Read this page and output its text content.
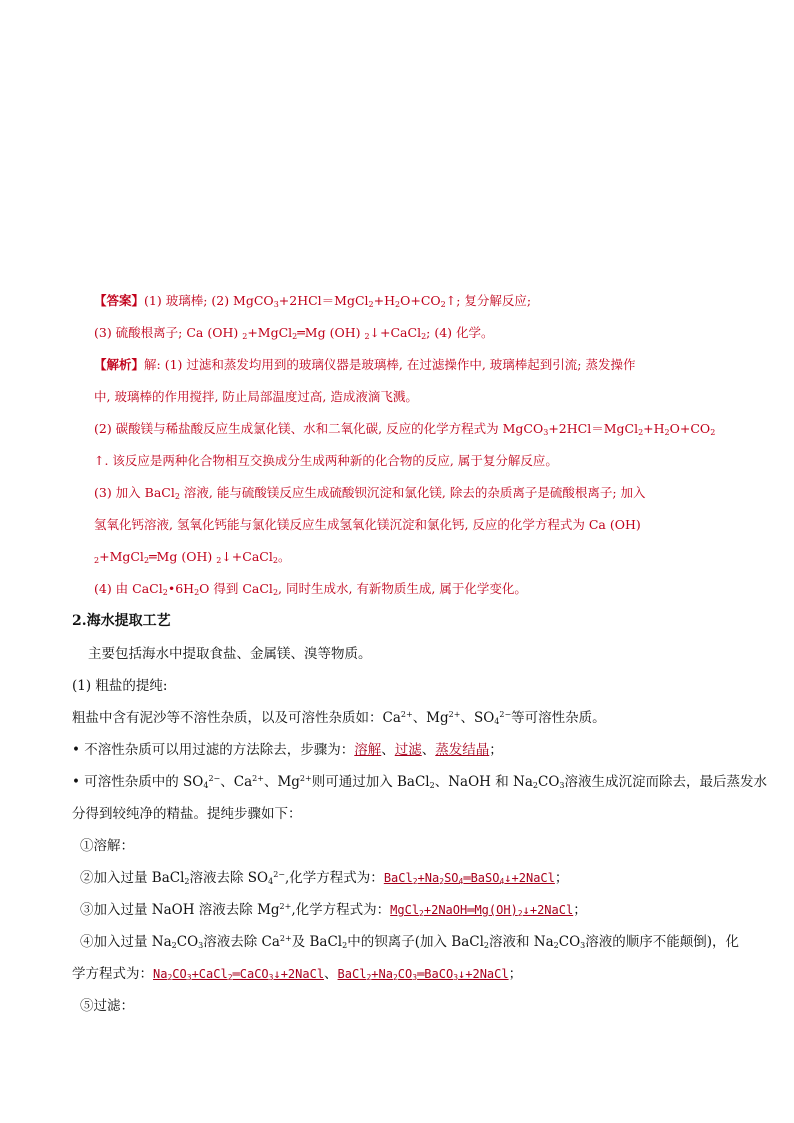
【答案】(1) 玻璃棒; (2) $MgCO_3+2HCl=MgCl_2+H_2O+CO_2↑$; 复分解反应;
(3) 硫酸根离子; Ca (OH) $_2$+MgCl$_2$═Mg (OH) $_2$↓+CaCl$_2$; (4) 化学。
【解析】解: (1) 过滤和蒸发均用到的玻璃仪器是玻璃棒, 在过滤操作中, 玻璃棒起到引流; 蒸发操作
中, 玻璃棒的作用搅拌, 防止局部温度过高, 造成液滴飞溅。
(2) 碳酸镁与稀盐酸反应生成氯化镁、水和二氧化碳, 反应的化学方程式为 $MgCO_3+2HCl=MgCl_2+H_2O+CO_2$
↑. 该反应是两种化合物相互交换成分生成两种新的化合物的反应, 属于复分解反应。
(3) 加入 BaCl$_2$ 溶液, 能与硫酸镁反应生成硫酸钡沉淀和氯化镁, 除去的杂质离子是硫酸根离子; 加入
氢氧化钙溶液, 氢氧化钙能与氯化镁反应生成氢氧化镁沉淀和氯化钙, 反应的化学方程式为 Ca (OH)
$_2$+MgCl$_2$═Mg (OH) $_2$↓+CaCl$_2$。
(4) 由 $CaCl_2•6H_2O$ 得到 CaCl$_2$, 同时生成水, 有新物质生成, 属于化学变化。
2.海水提取工艺
主要包括海水中提取食盐、金属镁、溴等物质。
(1) 粗盐的提纯:
粗盐中含有泥沙等不溶性杂质，以及可溶性杂质如：$Ca^{2+}$、$Mg^{2+}$、$SO_4^{2-}$等可溶性杂质。
• 不溶性杂质可以用过滤的方法除去，步骤为：溶解、过滤、蒸发结晶；
• 可溶性杂质中的 $SO_4^{2-}$、$Ca^{2+}$、$Mg^{2+}$则可通过加入 BaCl$_2$、NaOH 和 $Na_2CO_3$溶液生成沉淀而除去，最后蒸发水
分得到较纯净的精盐。提纯步骤如下：
①溶解：
②加入过量 BaCl$_2$溶液去除 $SO_4^{2-}$,化学方程式为：$BaCl_2+Na_2SO_4═BaSO_4↓+2NaCl$；
③加入过量 NaOH 溶液去除 $Mg^{2+}$,化学方程式为：$MgCl_2+2NaOH═Mg(OH)_2↓+2NaCl$；
④加入过量 $Na_2CO_3$溶液去除 $Ca^{2+}$及 BaCl$_2$中的钡离子(加入 BaCl$_2$溶液和 $Na_2CO_3$溶液的顺序不能颠倒)，化
学方程式为：$Na_2CO_3+CaCl_2═CaCO_3↓+2NaCl$、$BaCl_2+Na_2CO_3═BaCO_3↓+2NaCl$；
⑤过滤：
